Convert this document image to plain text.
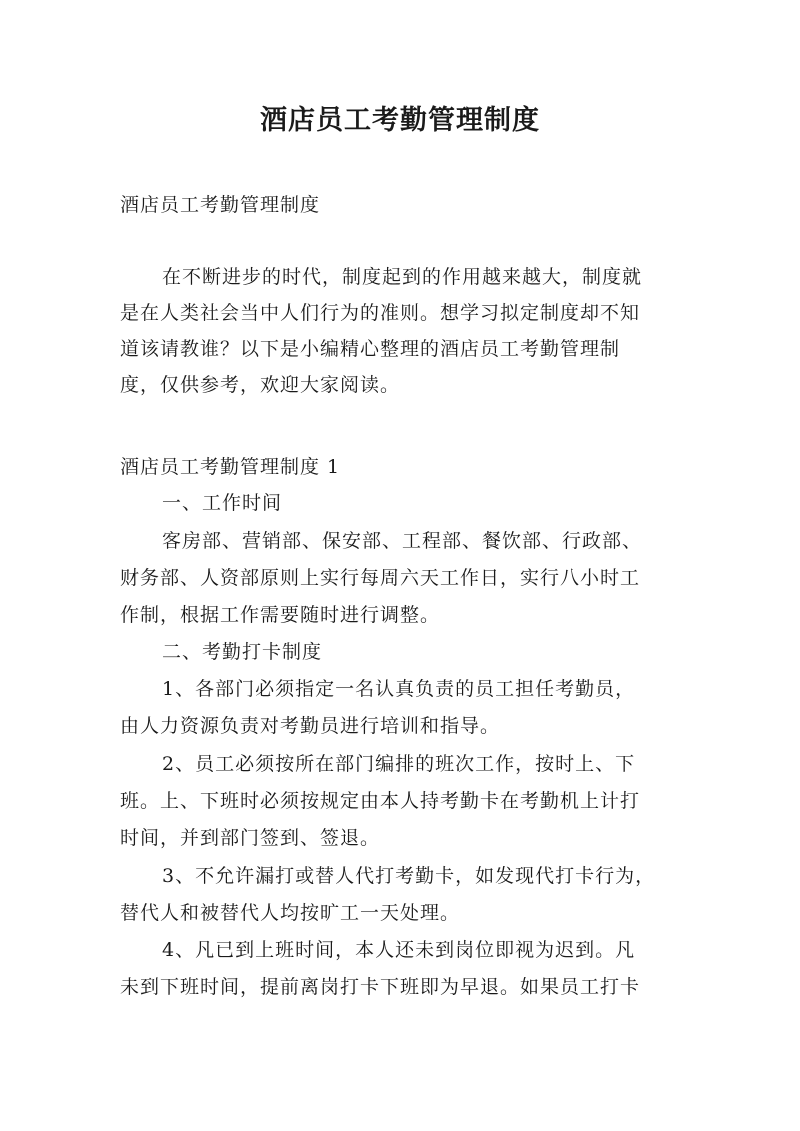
酒店员工考勤管理制度
酒店员工考勤管理制度
在不断进步的时代，制度起到的作用越来越大，制度就
是在人类社会当中人们行为的准则。想学习拟定制度却不知
道该请教谁？以下是小编精心整理的酒店员工考勤管理制
度，仅供参考，欢迎大家阅读。
酒店员工考勤管理制度 1
一、工作时间
客房部、营销部、保安部、工程部、餐饮部、行政部、
财务部、人资部原则上实行每周六天工作日，实行八小时工
作制，根据工作需要随时进行调整。
二、考勤打卡制度
1、各部门必须指定一名认真负责的员工担任考勤员，
由人力资源负责对考勤员进行培训和指导。
2、员工必须按所在部门编排的班次工作，按时上、下
班。上、下班时必须按规定由本人持考勤卡在考勤机上计打
时间，并到部门签到、签退。
3、不允许漏打或替人代打考勤卡，如发现代打卡行为，
替代人和被替代人均按旷工一天处理。
4、凡已到上班时间，本人还未到岗位即视为迟到。凡
未到下班时间，提前离岗打卡下班即为早退。如果员工打卡
